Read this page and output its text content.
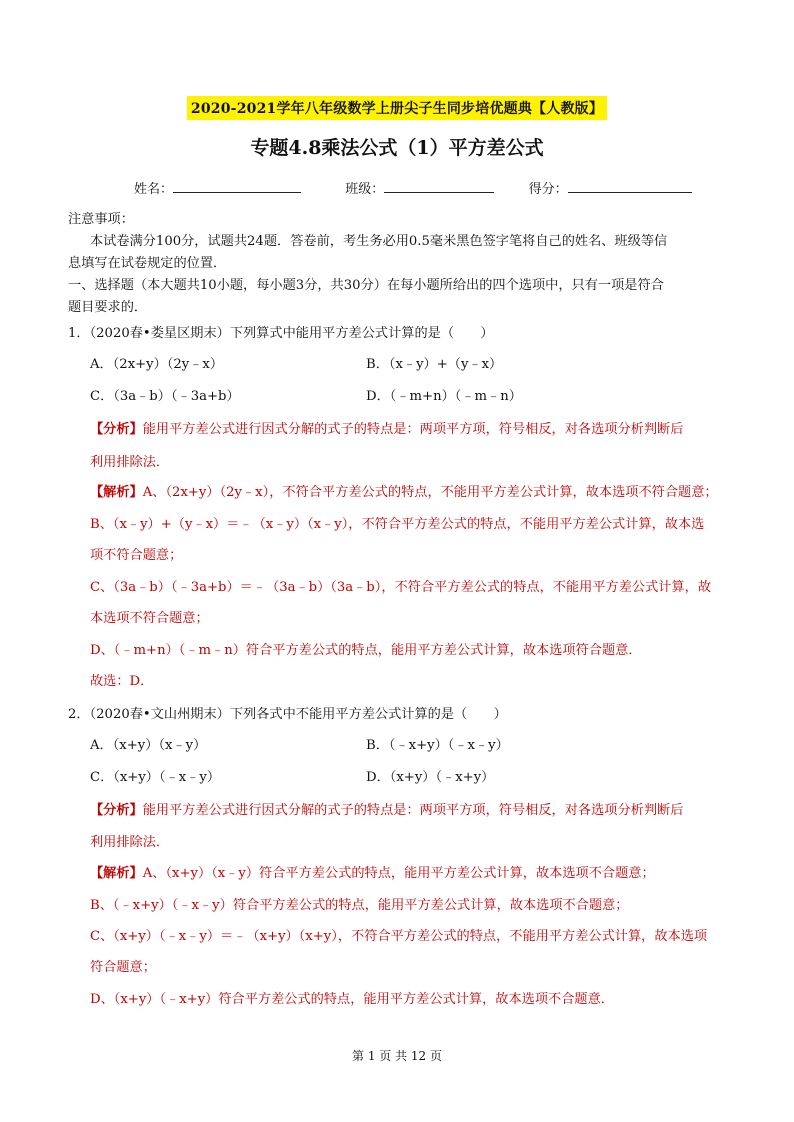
2020-2021学年八年级数学上册尖子生同步培优题典【人教版】
专题4.8乘法公式（1）平方差公式
姓名：	班级：	得分：
注意事项：
本试卷满分100分，试题共24题．答卷前，考生务必用0.5毫米黑色签字笔将自己的姓名、班级等信
息填写在试卷规定的位置．
一、选择题（本大题共10小题，每小题3分，共30分）在每小题所给出的四个选项中，只有一项是符合
题目要求的．
1．（2020春•娄星区期末）下列算式中能用平方差公式计算的是（　　）
A．（2x+y）（2y﹣x）	B．（x﹣y）+（y﹣x）
C．（3a﹣b）（﹣3a+b）	D．（﹣m+n）（﹣m﹣n）
【分析】能用平方差公式进行因式分解的式子的特点是：两项平方项，符号相反，对各选项分析判断后
利用排除法．
【解析】A、（2x+y）（2y﹣x），不符合平方差公式的特点，不能用平方差公式计算，故本选项不符合题意；
B、（x﹣y）+（y﹣x）＝﹣（x﹣y）（x﹣y），不符合平方差公式的特点，不能用平方差公式计算，故本选
项不符合题意；
C、（3a﹣b）（﹣3a+b）＝﹣（3a﹣b）（3a﹣b），不符合平方差公式的特点，不能用平方差公式计算，故
本选项不符合题意；
D、（﹣m+n）（﹣m﹣n）符合平方差公式的特点，能用平方差公式计算，故本选项符合题意．
故选：D．
2．（2020春•文山州期末）下列各式中不能用平方差公式计算的是（　　）
A．（x+y）（x﹣y）	B．（﹣x+y）（﹣x﹣y）
C．（x+y）（﹣x﹣y）	D．（x+y）（﹣x+y）
【分析】能用平方差公式进行因式分解的式子的特点是：两项平方项，符号相反，对各选项分析判断后
利用排除法．
【解析】A、（x+y）（x﹣y）符合平方差公式的特点，能用平方差公式计算，故本选项不合题意；
B、（﹣x+y）（﹣x﹣y）符合平方差公式的特点，能用平方差公式计算，故本选项不合题意；
C、（x+y）（﹣x﹣y）＝﹣（x+y）（x+y），不符合平方差公式的特点，不能用平方差公式计算，故本选项
符合题意；
D、（x+y）（﹣x+y）符合平方差公式的特点，能用平方差公式计算，故本选项不合题意．
第 1 页 共 12 页
